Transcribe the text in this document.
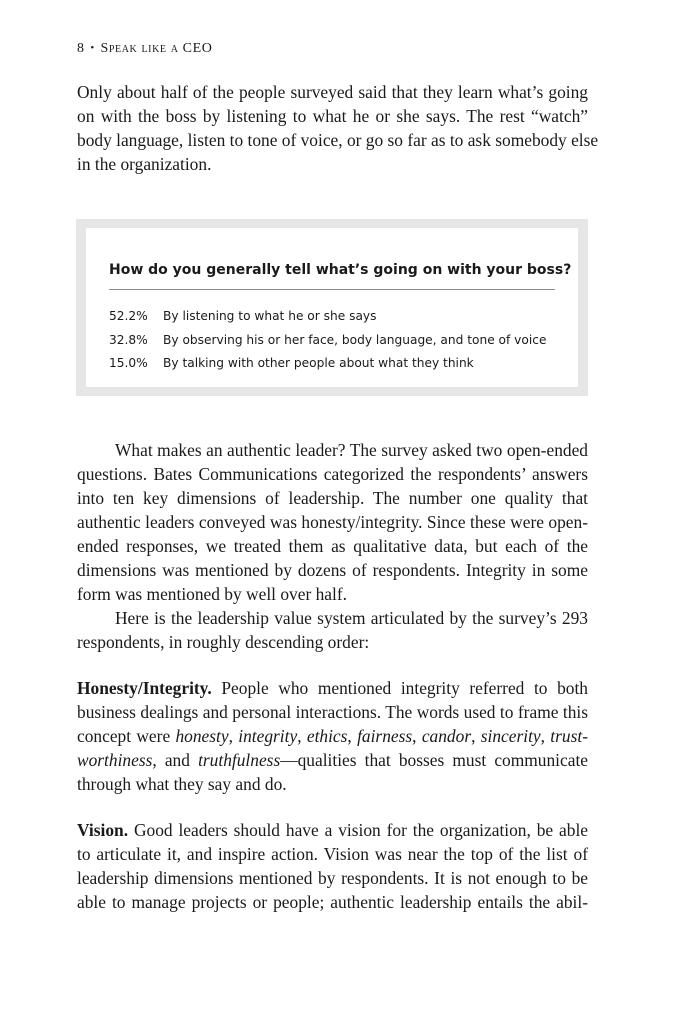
8 • Speak like a CEO

Only about half of the people surveyed said that they learn what’s going
on with the boss by listening to what he or she says. The rest “watch”
body language, listen to tone of voice, or go so far as to ask somebody else
in the organization.

How do you generally tell what’s going on with your boss?
52.2% By listening to what he or she says
32.8% By observing his or her face, body language, and tone of voice
15.0% By talking with other people about what they think

What makes an authentic leader? The survey asked two open-ended
questions. Bates Communications categorized the respondents’ answers
into ten key dimensions of leadership. The number one quality that
authentic leaders conveyed was honesty/integrity. Since these were open-
ended responses, we treated them as qualitative data, but each of the
dimensions was mentioned by dozens of respondents. Integrity in some
form was mentioned by well over half.

Here is the leadership value system articulated by the survey’s 293
respondents, in roughly descending order:

Honesty/Integrity. People who mentioned integrity referred to both
business dealings and personal interactions. The words used to frame this
concept were honesty, integrity, ethics, fairness, candor, sincerity, trust-
worthiness, and truthfulness—qualities that bosses must communicate
through what they say and do.

Vision. Good leaders should have a vision for the organization, be able
to articulate it, and inspire action. Vision was near the top of the list of
leadership dimensions mentioned by respondents. It is not enough to be
able to manage projects or people; authentic leadership entails the abil-
